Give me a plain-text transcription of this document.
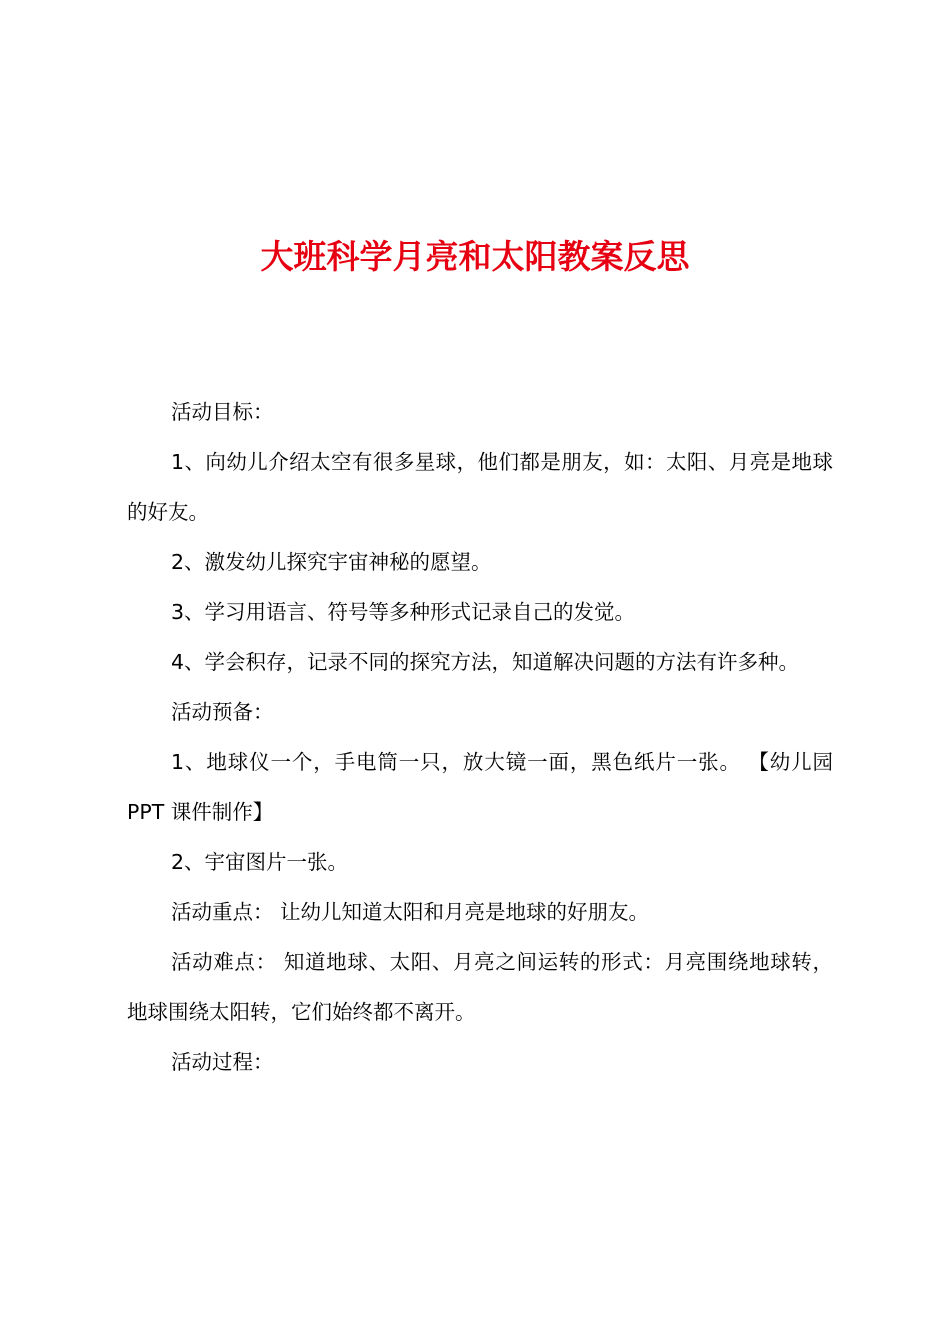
大班科学月亮和太阳教案反思

活动目标：

1、向幼儿介绍太空有很多星球，他们都是朋友，如：太阳、月亮是地球的好友。

2、激发幼儿探究宇宙神秘的愿望。

3、学习用语言、符号等多种形式记录自己的发觉。

4、学会积存，记录不同的探究方法，知道解决问题的方法有许多种。

活动预备：

1、地球仪一个，手电筒一只，放大镜一面，黑色纸片一张。 【幼儿园 PPT 课件制作】

2、宇宙图片一张。

活动重点： 让幼儿知道太阳和月亮是地球的好朋友。

活动难点： 知道地球、太阳、月亮之间运转的形式：月亮围绕地球转，地球围绕太阳转，它们始终都不离开。

活动过程：
